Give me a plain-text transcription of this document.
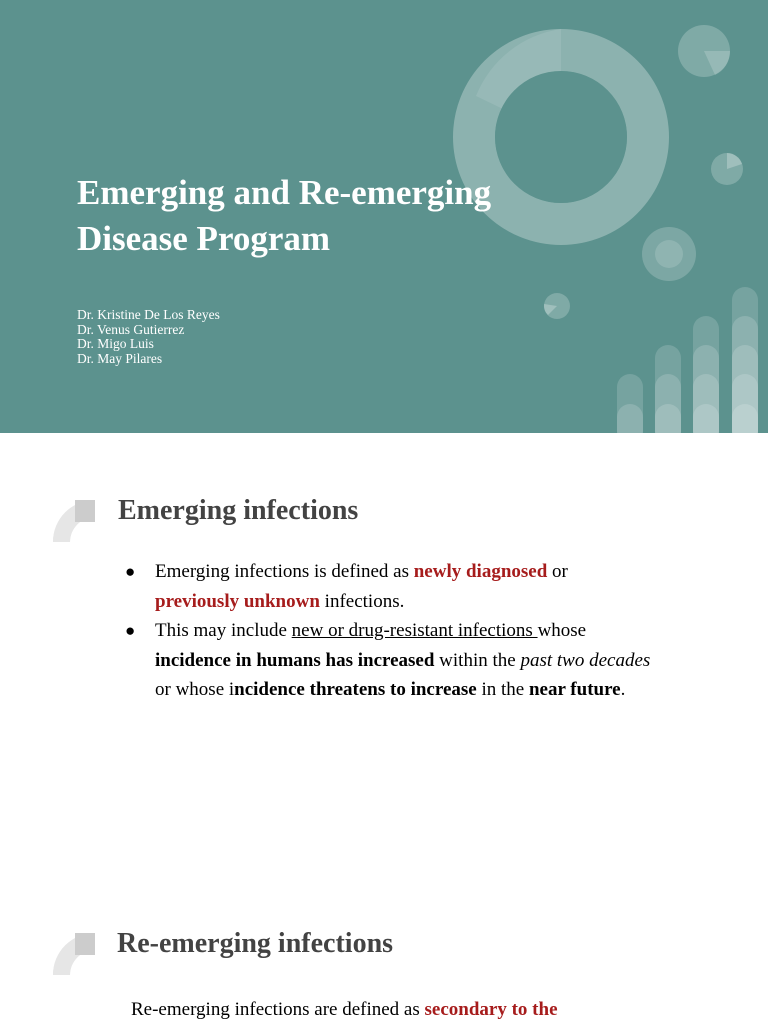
Emerging and Re-emerging Disease Program
Dr. Kristine De Los Reyes
Dr. Venus Gutierrez
Dr. Migo Luis
Dr. May Pilares
Emerging infections
● Emerging infections is defined as newly diagnosed or previously unknown infections.
● This may include new or drug-resistant infections whose incidence in humans has increased within the past two decades or whose incidence threatens to increase in the near future.
Re-emerging infections

Re-emerging infections are defined as secondary to the
